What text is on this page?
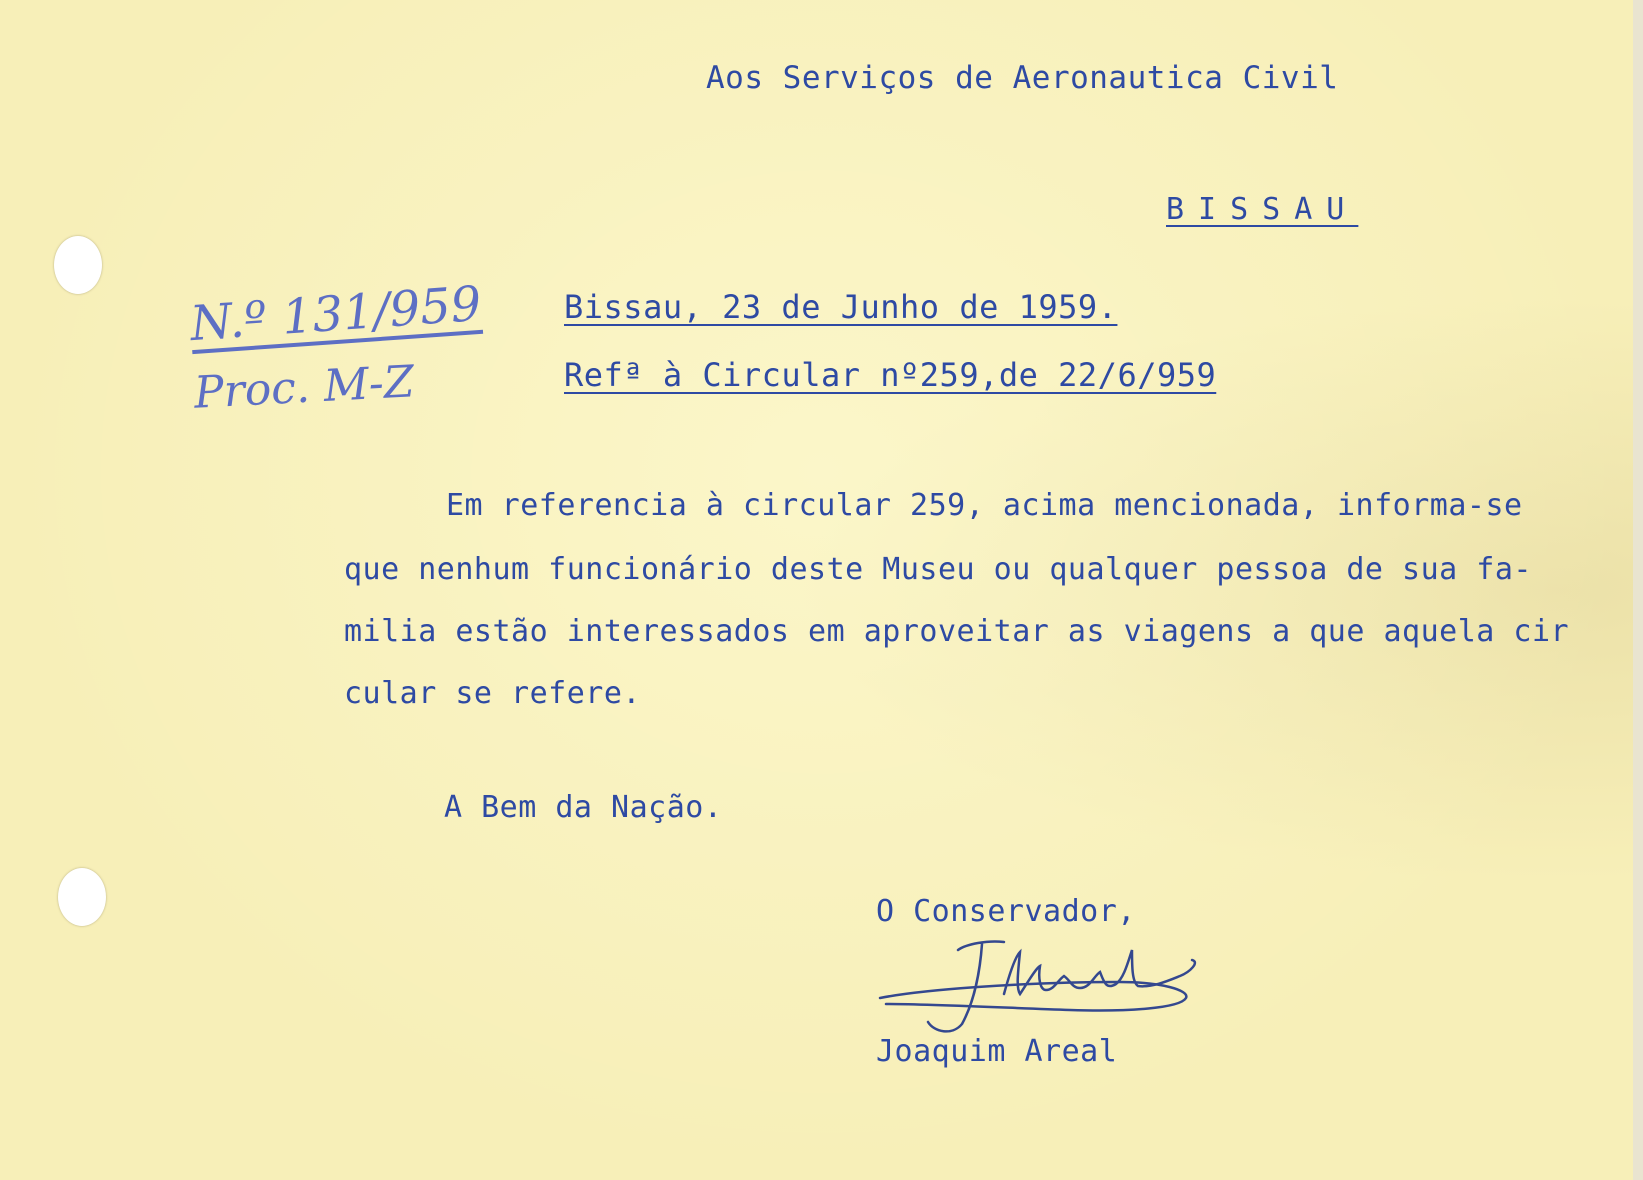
Aos Serviços de Aeronautica Civil
BISSAU
N.º 131/959
Proc. M-Z
Bissau, 23 de Junho de 1959.
Refª à Circular nº259,de 22/6/959
Em referencia à circular 259, acima mencionada, informa-se
que nenhum funcionário deste Museu ou qualquer pessoa de sua fa-
milia estão interessados em aproveitar as viagens a que aquela cir
cular se refere.
A Bem da Nação.
O Conservador,
Joaquim Areal
